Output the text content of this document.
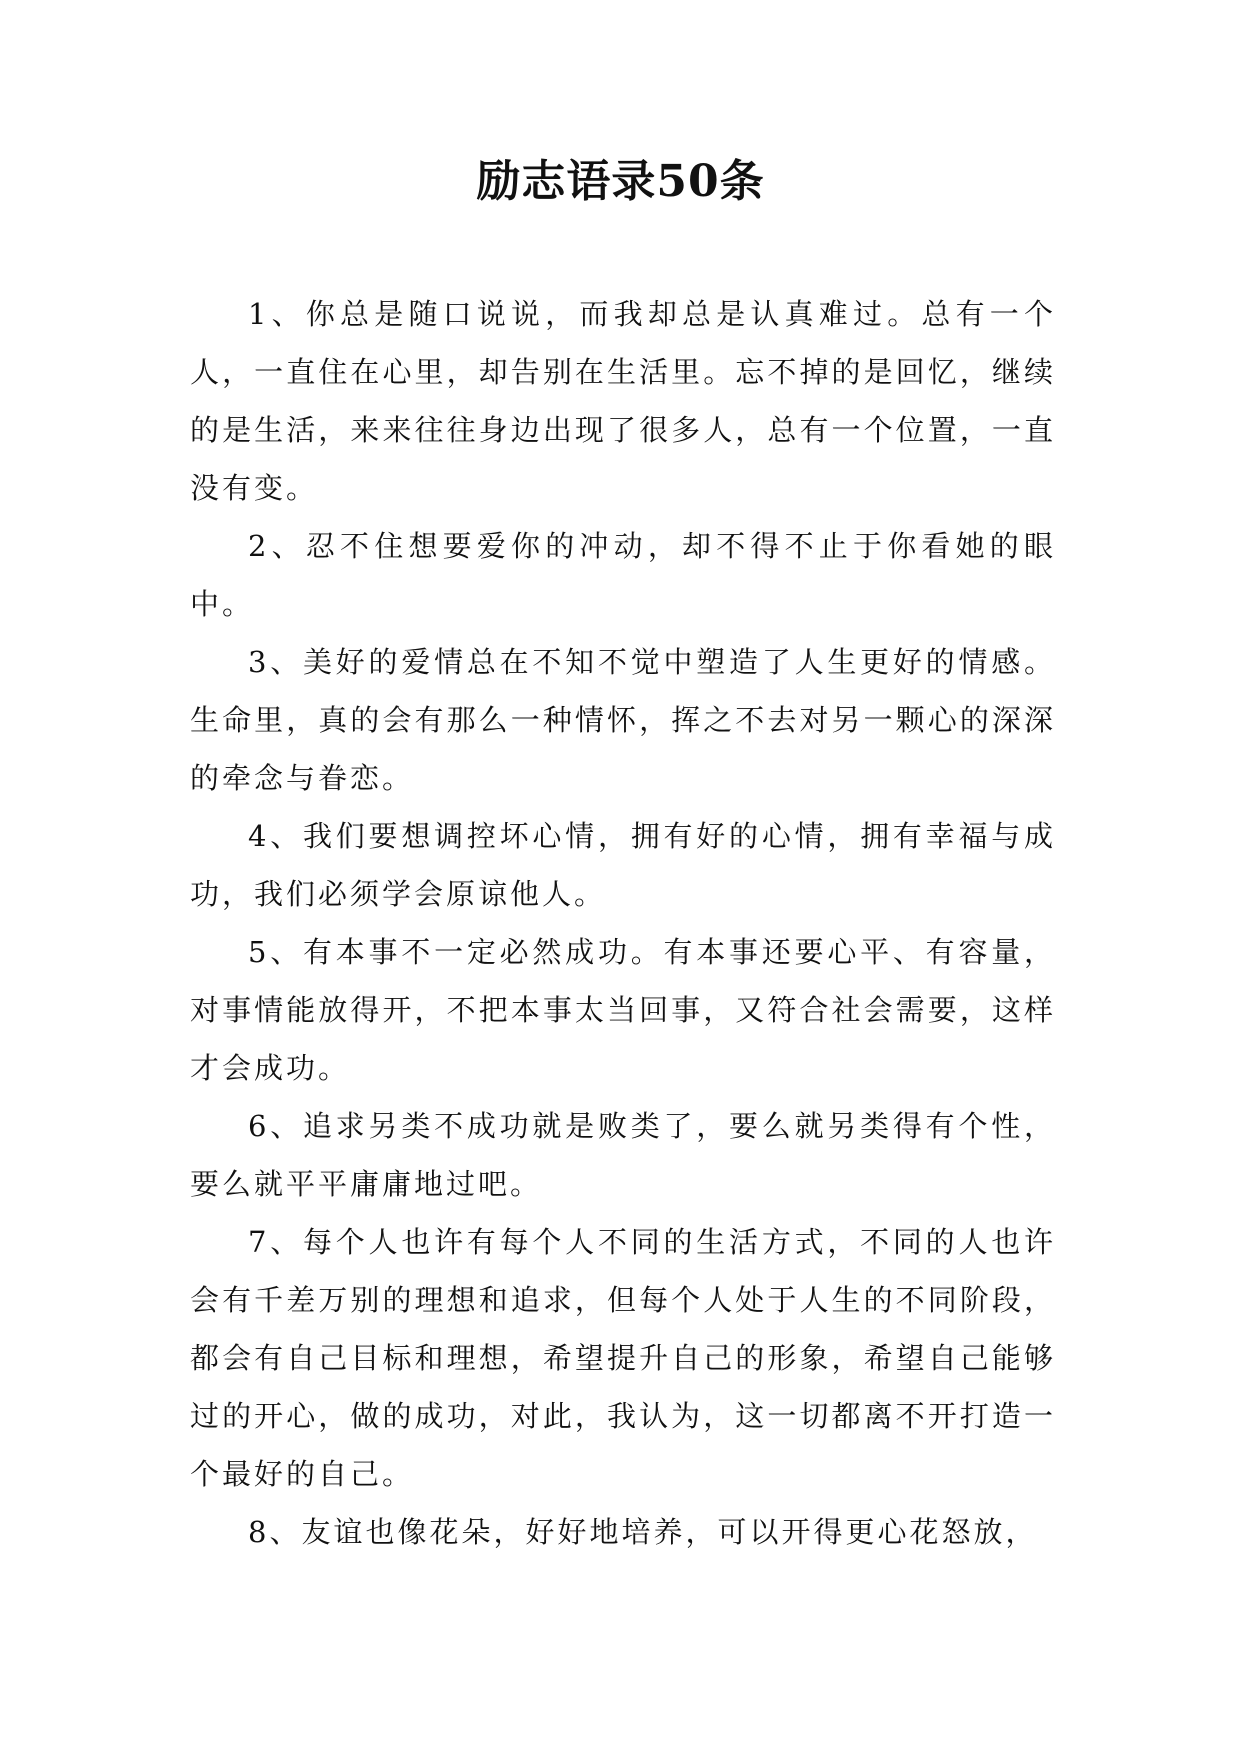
励志语录50条

1、你总是随口说说，而我却总是认真难过。总有一个人，一直住在心里，却告别在生活里。忘不掉的是回忆，继续的是生活，来来往往身边出现了很多人，总有一个位置，一直没有变。

2、忍不住想要爱你的冲动，却不得不止于你看她的眼中。

3、美好的爱情总在不知不觉中塑造了人生更好的情感。生命里，真的会有那么一种情怀，挥之不去对另一颗心的深深的牵念与眷恋。

4、我们要想调控坏心情，拥有好的心情，拥有幸福与成功，我们必须学会原谅他人。

5、有本事不一定必然成功。有本事还要心平、有容量，对事情能放得开，不把本事太当回事，又符合社会需要，这样才会成功。

6、追求另类不成功就是败类了，要么就另类得有个性，要么就平平庸庸地过吧。

7、每个人也许有每个人不同的生活方式，不同的人也许会有千差万别的理想和追求，但每个人处于人生的不同阶段，都会有自己目标和理想，希望提升自己的形象，希望自己能够过的开心，做的成功，对此，我认为，这一切都离不开打造一个最好的自己。

8、友谊也像花朵，好好地培养，可以开得更心花怒放，
